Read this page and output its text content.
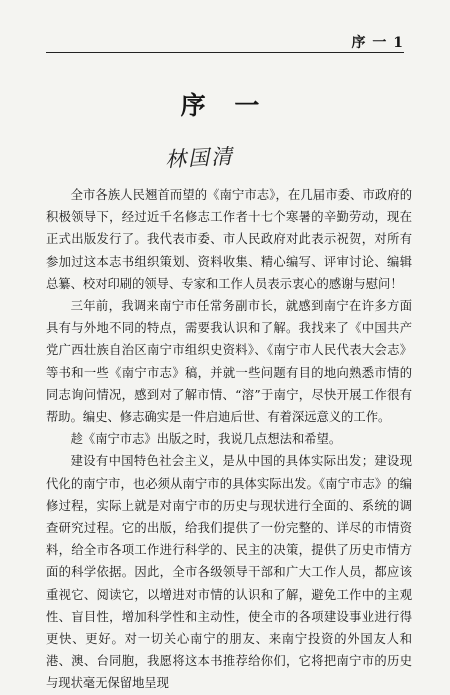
序 一 1
序 一
林国清

全市各族人民翘首而望的《南宁市志》，在几届市委、市政府的积极领导下，经过近千名修志工作者十七个寒暑的辛勤劳动，现在正式出版发行了。我代表市委、市人民政府对此表示祝贺，对所有参加过这本志书组织策划、资料收集、精心编写、评审讨论、编辑总纂、校对印刷的领导、专家和工作人员表示衷心的感谢与慰问！

三年前，我调来南宁市任常务副市长，就感到南宁在许多方面具有与外地不同的特点，需要我认识和了解。我找来了《中国共产党广西壮族自治区南宁市组织史资料》、《南宁市人民代表大会志》等书和一些《南宁市志》稿，并就一些问题有目的地向熟悉市情的同志询问情况，感到对了解市情、“溶”于南宁，尽快开展工作很有帮助。编史、修志确实是一件启迪后世、有着深远意义的工作。

趁《南宁市志》出版之时，我说几点想法和希望。

建设有中国特色社会主义，是从中国的具体实际出发；建设现代化的南宁市，也必须从南宁市的具体实际出发。《南宁市志》的编修过程，实际上就是对南宁市的历史与现状进行全面的、系统的调查研究过程。它的出版，给我们提供了一份完整的、详尽的市情资料，给全市各项工作进行科学的、民主的决策，提供了历史市情方面的科学依据。因此，全市各级领导干部和广大工作人员，都应该重视它、阅读它，以增进对市情的认识和了解，避免工作中的主观性、盲目性，增加科学性和主动性，使全市的各项建设事业进行得更快、更好。对一切关心南宁的朋友、来南宁投资的外国友人和港、澳、台同胞，我愿将这本书推荐给你们，它将把南宁市的历史与现状毫无保留地呈现
